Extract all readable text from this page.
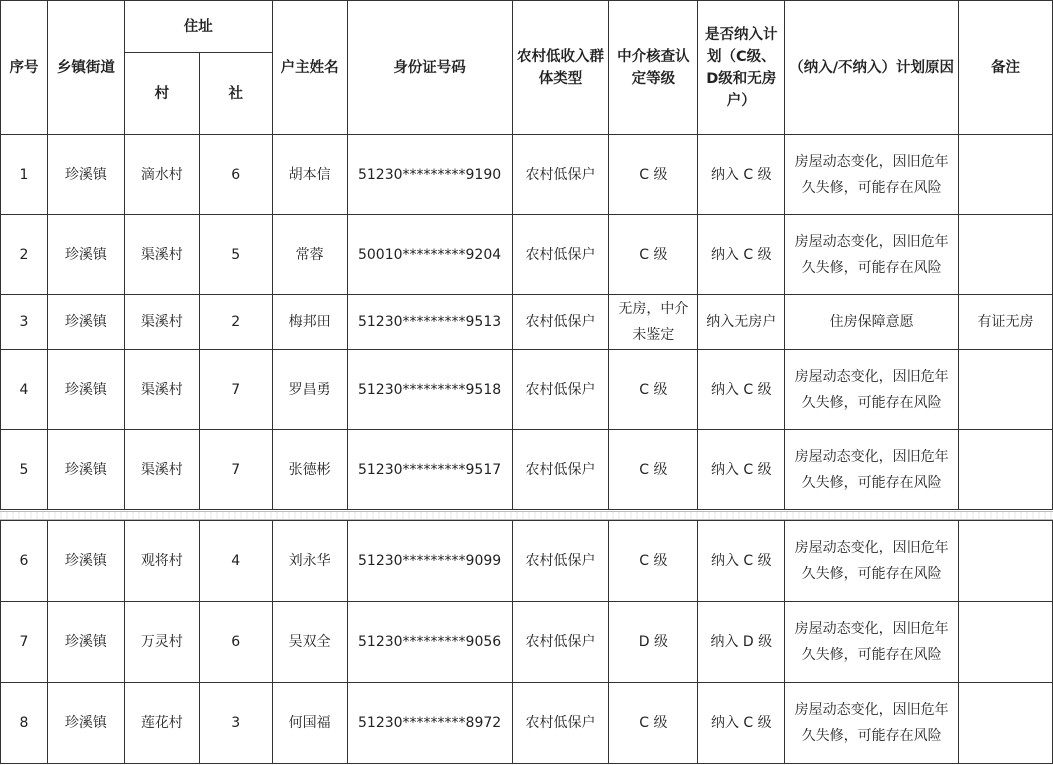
序号	乡镇街道	住址		户主姓名	身份证号码	农村低收入群体类型	中介核查认定等级	是否纳入计划（C级、D级和无房户）	（纳入/不纳入）计划原因	备注
		村	社							
1	珍溪镇	滴水村	6	胡本信	51230*********9190	农村低保户	C 级	纳入 C 级	房屋动态变化，因旧危年久失修，可能存在风险	
2	珍溪镇	渠溪村	5	常蓉	50010*********9204	农村低保户	C 级	纳入 C 级	房屋动态变化，因旧危年久失修，可能存在风险	
3	珍溪镇	渠溪村	2	梅邦田	51230*********9513	农村低保户	无房，中介未鉴定	纳入无房户	住房保障意愿	有证无房
4	珍溪镇	渠溪村	7	罗昌勇	51230*********9518	农村低保户	C 级	纳入 C 级	房屋动态变化，因旧危年久失修，可能存在风险	
5	珍溪镇	渠溪村	7	张德彬	51230*********9517	农村低保户	C 级	纳入 C 级	房屋动态变化，因旧危年久失修，可能存在风险	
6	珍溪镇	观将村	4	刘永华	51230*********9099	农村低保户	C 级	纳入 C 级	房屋动态变化，因旧危年久失修，可能存在风险	
7	珍溪镇	万灵村	6	吴双全	51230*********9056	农村低保户	D 级	纳入 D 级	房屋动态变化，因旧危年久失修，可能存在风险	
8	珍溪镇	莲花村	3	何国福	51230*********8972	农村低保户	C 级	纳入 C 级	房屋动态变化，因旧危年久失修，可能存在风险	
